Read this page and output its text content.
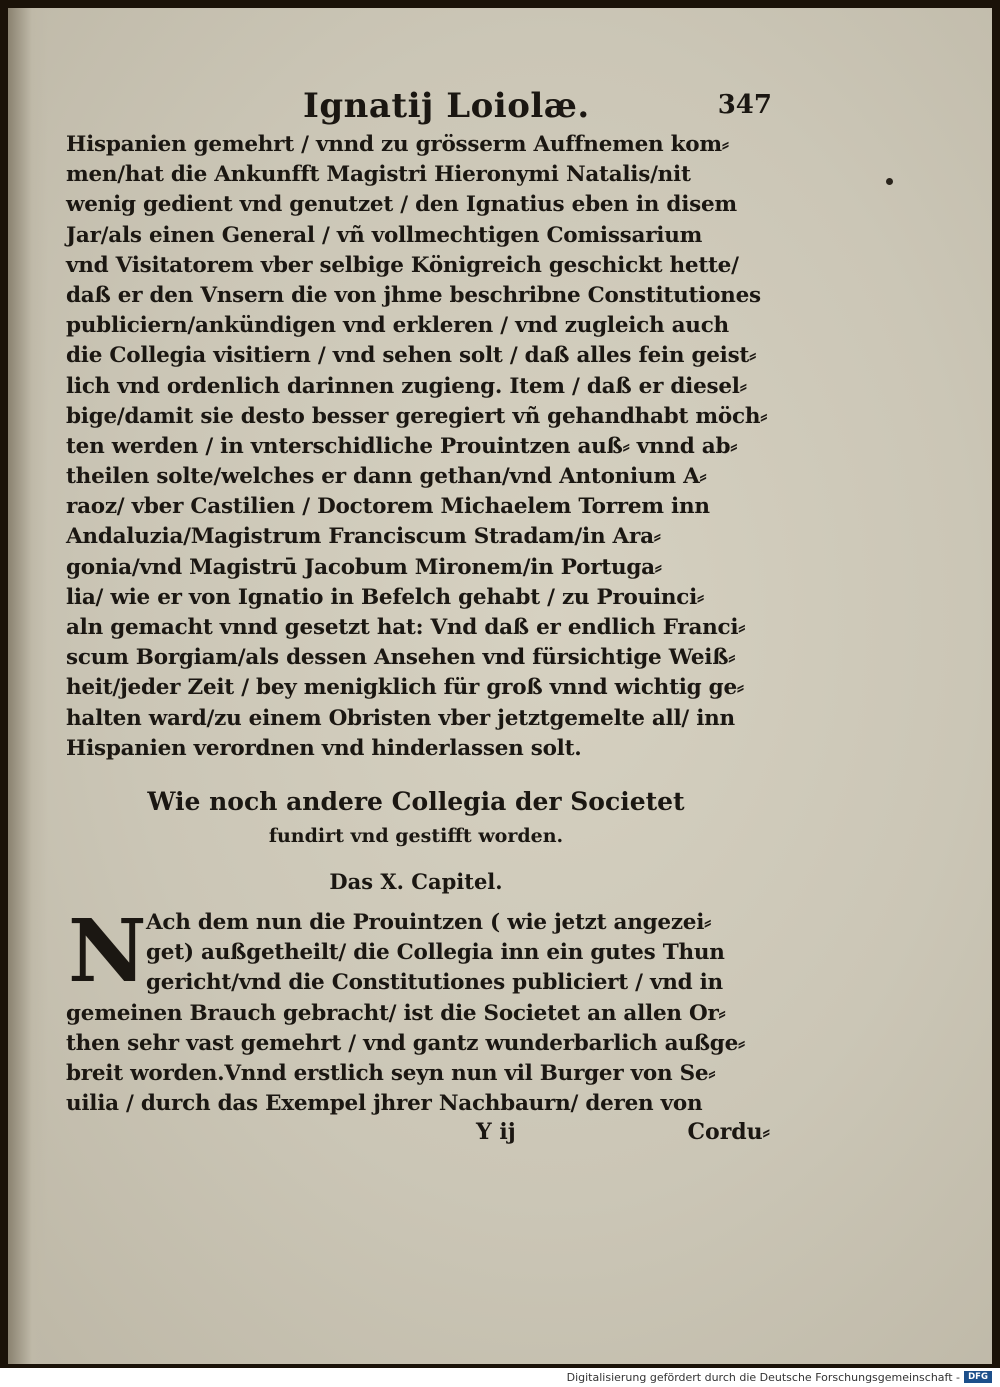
Ignatij Loiolæ.	347
Hispanien gemehrt / vnnd zu grösserm Auffnemen kom⸗
men/hat die Ankunfft Magistri Hieronymi Natalis/nit
wenig gedient vnd genutzet / den Ignatius eben in disem
Jar/als einen General / vñ vollmechtigen Comissarium
vnd Visitatorem vber selbige Königreich geschickt hette/
daß er den Vnsern die von jhme beschribne Constitutiones
publiciern/ankündigen vnd erkleren / vnd zugleich auch
die Collegia visitiern / vnd sehen solt / daß alles fein geist⸗
lich vnd ordenlich darinnen zugieng. Item / daß er diesel⸗
bige/damit sie desto besser geregiert vñ gehandhabt möch⸗
ten werden / in vnterschidliche Prouintzen auß⸗ vnnd ab⸗
theilen solte/welches er dann gethan/vnd Antonium A⸗
raoz/ vber Castilien / Doctorem Michaelem Torrem inn
Andaluzia/Magistrum Franciscum Stradam/in Ara⸗
gonia/vnd Magistrū Jacobum Mironem/in Portuga⸗
lia/ wie er von Ignatio in Befelch gehabt / zu Prouinci⸗
aln gemacht vnnd gesetzt hat: Vnd daß er endlich Franci⸗
scum Borgiam/als dessen Ansehen vnd fürsichtige Weiß⸗
heit/jeder Zeit / bey menigklich für groß vnnd wichtig ge⸗
halten ward/zu einem Obristen vber jetztgemelte all/ inn
Hispanien verordnen vnd hinderlassen solt.
Wie noch andere Collegia der Societet
fundirt vnd gestifft worden.
Das X. Capitel.
N Ach dem nun die Prouintzen ( wie jetzt angezei⸗
get) außgetheilt/ die Collegia inn ein gutes Thun
gericht/vnd die Constitutiones publiciert / vnd in
gemeinen Brauch gebracht/ ist die Societet an allen Or⸗
then sehr vast gemehrt / vnd gantz wunderbarlich außge⸗
breit worden.Vnnd erstlich seyn nun vil Burger von Se⸗
uilia / durch das Exempel jhrer Nachbaurn/ deren von
Y ij	Cordu⸗
Digitalisierung gefördert durch die Deutsche Forschungsgemeinschaft - DFG
